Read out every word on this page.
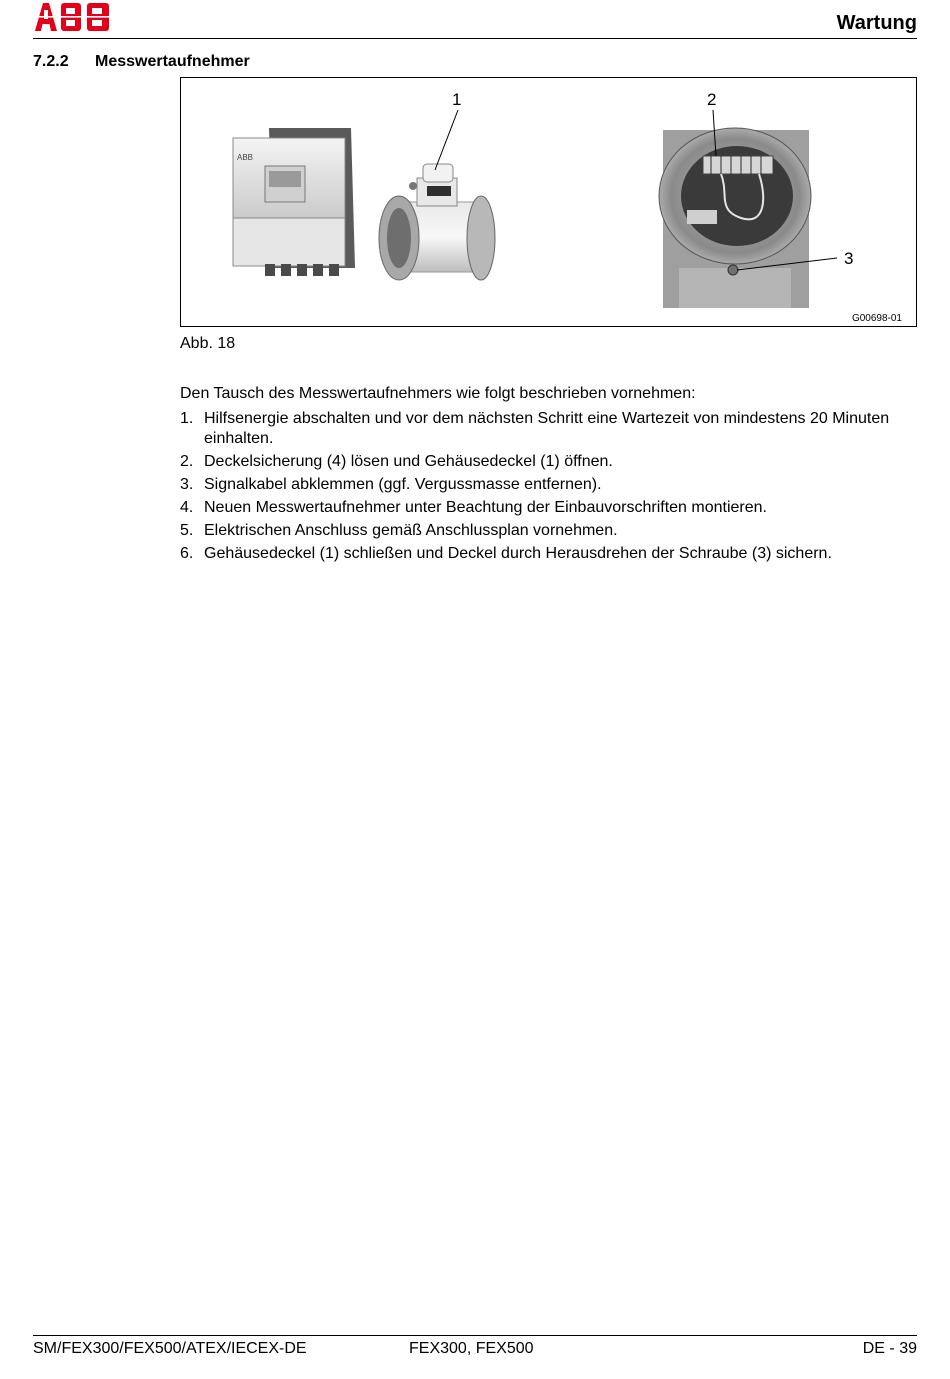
Wartung
7.2.2 Messwertaufnehmer
ABB
1	2
3
G00698-01
Abb. 18

Den Tausch des Messwertaufnehmers wie folgt beschrieben vornehmen:

1. Hilfsenergie abschalten und vor dem nächsten Schritt eine Wartezeit von mindestens 20 Minuten einhalten.
2. Deckelsicherung (4) lösen und Gehäusedeckel (1) öffnen.
3. Signalkabel abklemmen (ggf. Vergussmasse entfernen).
4. Neuen Messwertaufnehmer unter Beachtung der Einbauvorschriften montieren.
5. Elektrischen Anschluss gemäß Anschlussplan vornehmen.
6. Gehäusedeckel (1) schließen und Deckel durch Herausdrehen der Schraube (3) sichern.
SM/FEX300/FEX500/ATEX/IECEX-DE	FEX300, FEX500	DE - 39
